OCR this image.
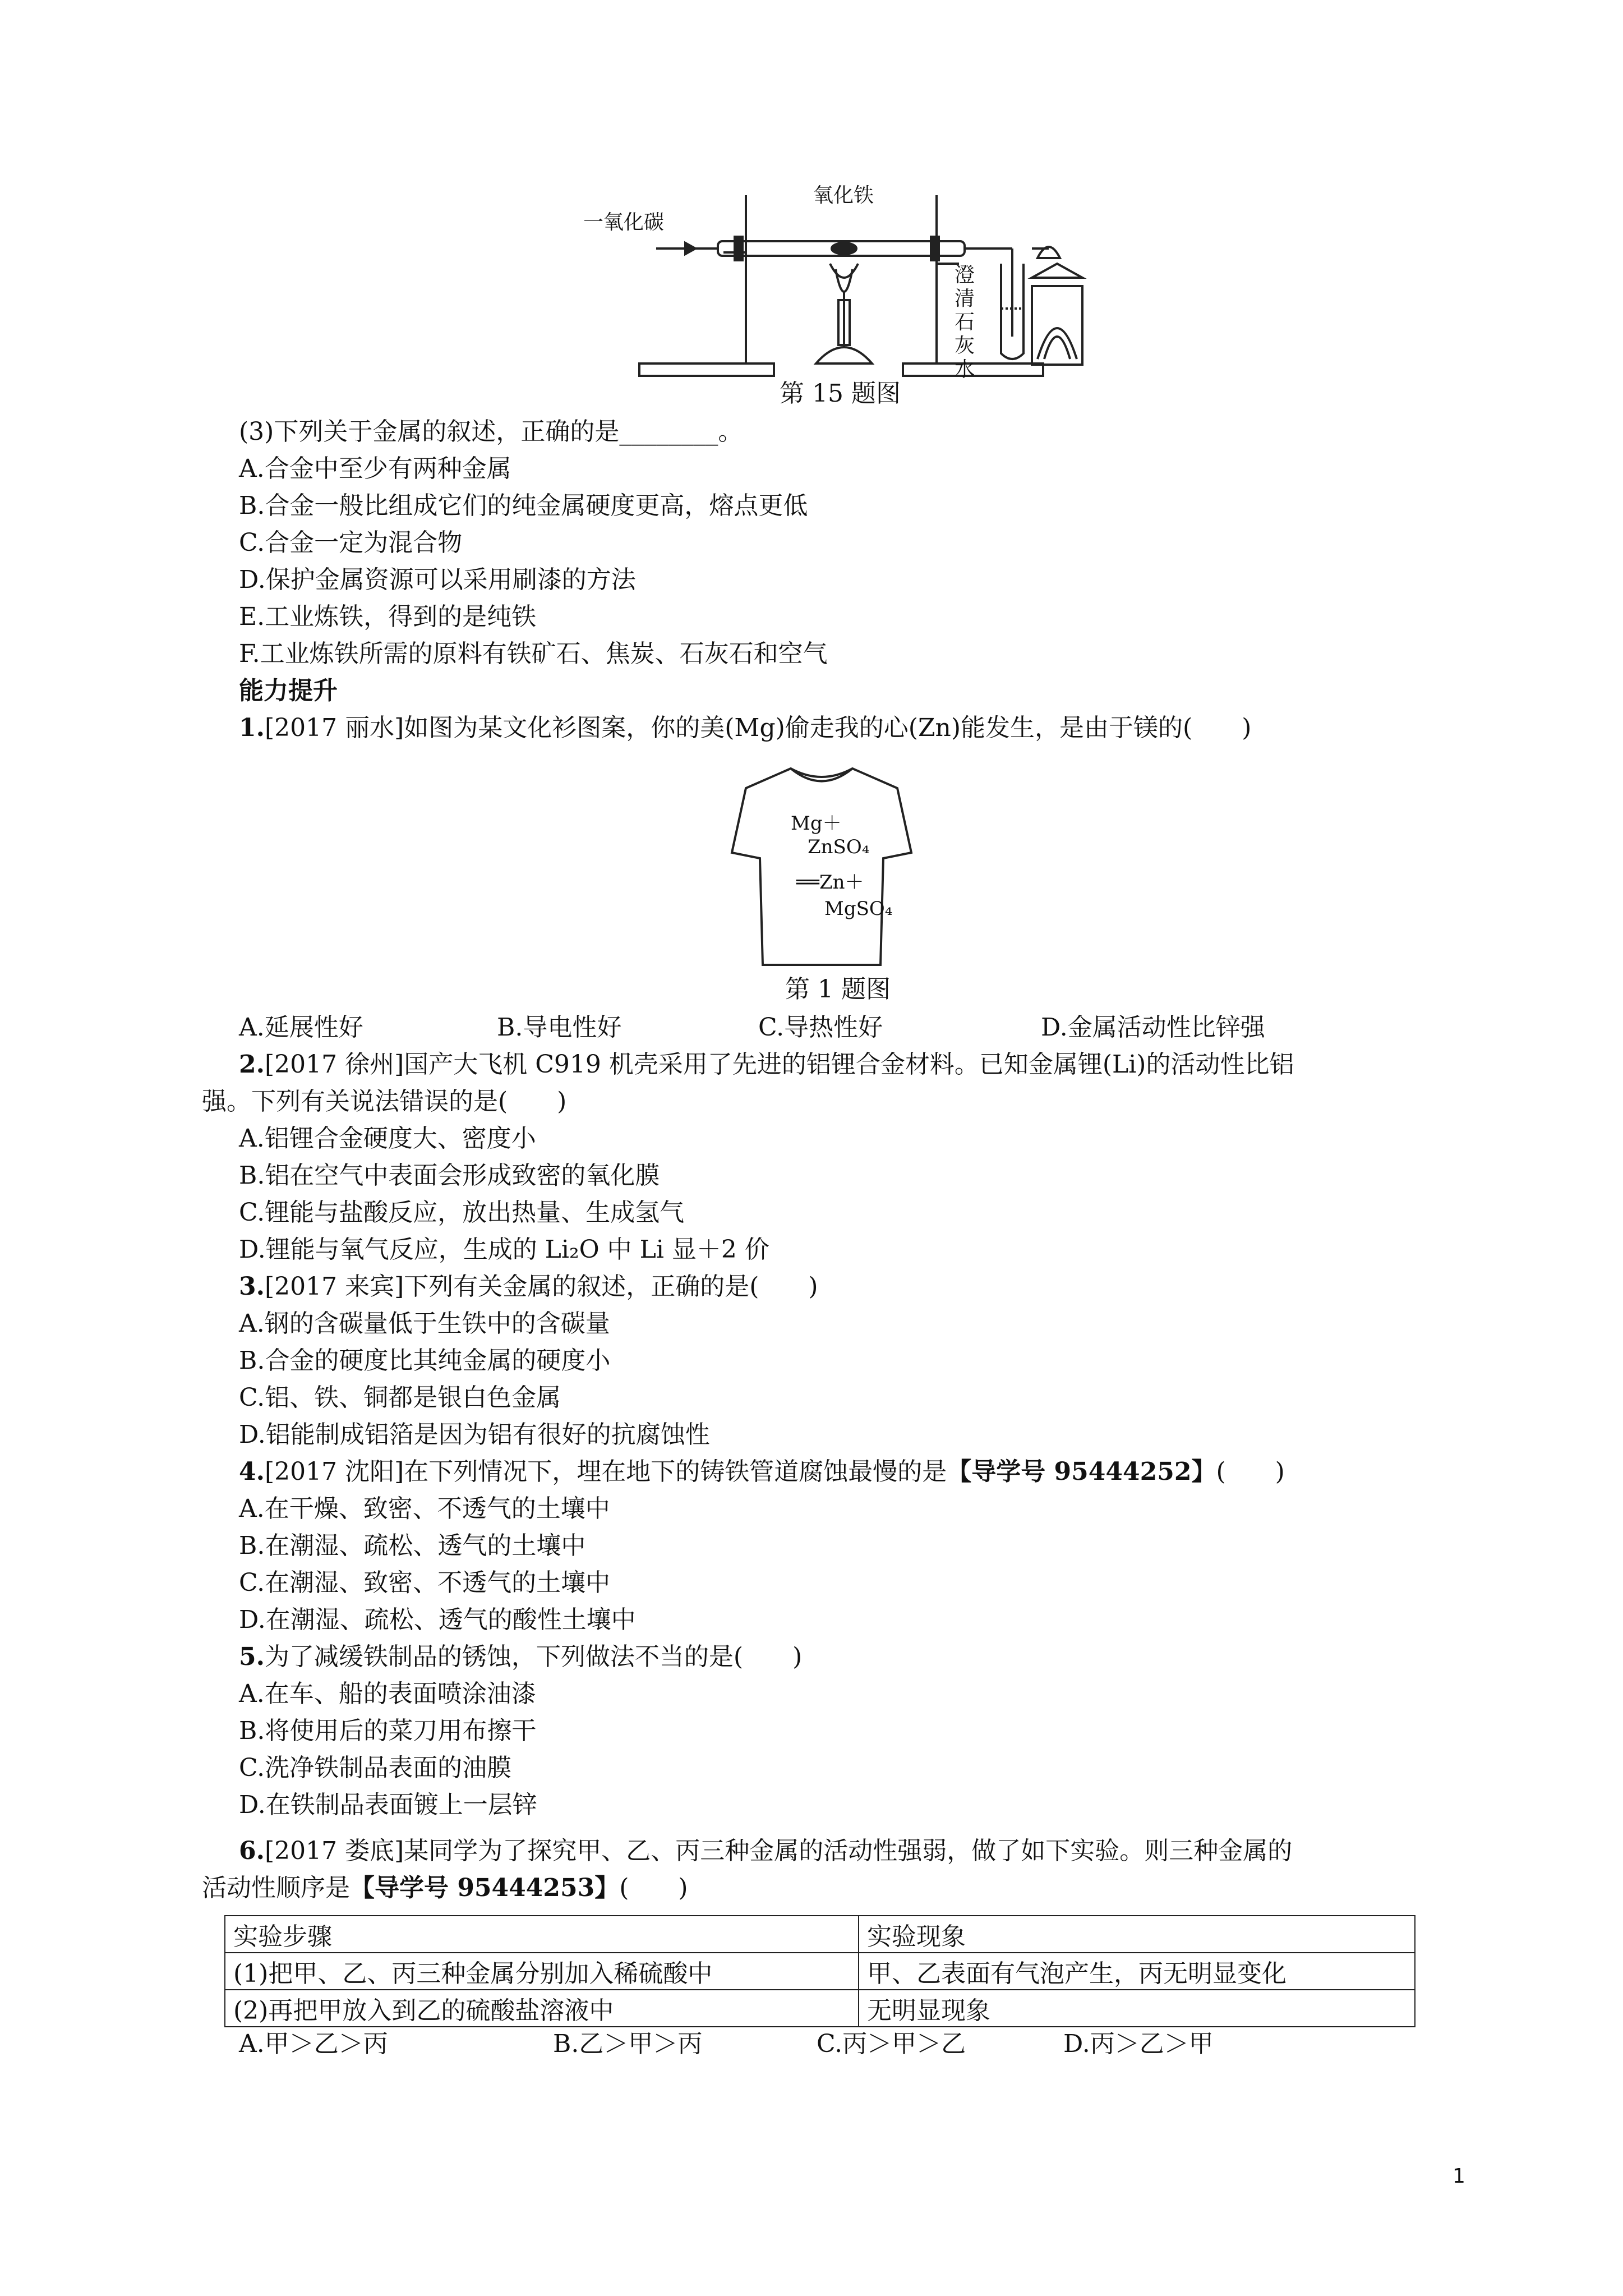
一氧化碳
氧化铁
澄
清
石
灰
水
第 15 题图
(3)下列关于金属的叙述，正确的是________。
A.合金中至少有两种金属
B.合金一般比组成它们的纯金属硬度更高，熔点更低
C.合金一定为混合物
D.保护金属资源可以采用刷漆的方法
E.工业炼铁，得到的是纯铁
F.工业炼铁所需的原料有铁矿石、焦炭、石灰石和空气
能力提升
1.[2017 丽水]如图为某文化衫图案，你的美(Mg)偷走我的心(Zn)能发生，是由于镁的(　　)
Mg＋
ZnSO₄
══Zn＋
MgSO₄
第 1 题图
A.延展性好	B.导电性好	C.导热性好	D.金属活动性比锌强
2.[2017 徐州]国产大飞机 C919 机壳采用了先进的铝锂合金材料。已知金属锂(Li)的活动性比铝
强。下列有关说法错误的是(　　)
A.铝锂合金硬度大、密度小
B.铝在空气中表面会形成致密的氧化膜
C.锂能与盐酸反应，放出热量、生成氢气
D.锂能与氧气反应，生成的 Li₂O 中 Li 显＋2 价
3.[2017 来宾]下列有关金属的叙述，正确的是(　　)
A.钢的含碳量低于生铁中的含碳量
B.合金的硬度比其纯金属的硬度小
C.铝、铁、铜都是银白色金属
D.铝能制成铝箔是因为铝有很好的抗腐蚀性
4.[2017 沈阳]在下列情况下，埋在地下的铸铁管道腐蚀最慢的是【导学号 95444252】(　　)
A.在干燥、致密、不透气的土壤中
B.在潮湿、疏松、透气的土壤中
C.在潮湿、致密、不透气的土壤中
D.在潮湿、疏松、透气的酸性土壤中
5.为了减缓铁制品的锈蚀，下列做法不当的是(　　)
A.在车、船的表面喷涂油漆
B.将使用后的菜刀用布擦干
C.洗净铁制品表面的油膜
D.在铁制品表面镀上一层锌
6.[2017 娄底]某同学为了探究甲、乙、丙三种金属的活动性强弱，做了如下实验。则三种金属的
活动性顺序是【导学号 95444253】(　　)
实验步骤	实验现象
(1)把甲、乙、丙三种金属分别加入稀硫酸中	甲、乙表面有气泡产生，丙无明显变化
(2)再把甲放入到乙的硫酸盐溶液中	无明显现象
A.甲＞乙＞丙	B.乙＞甲＞丙	C.丙＞甲＞乙	D.丙＞乙＞甲
1
